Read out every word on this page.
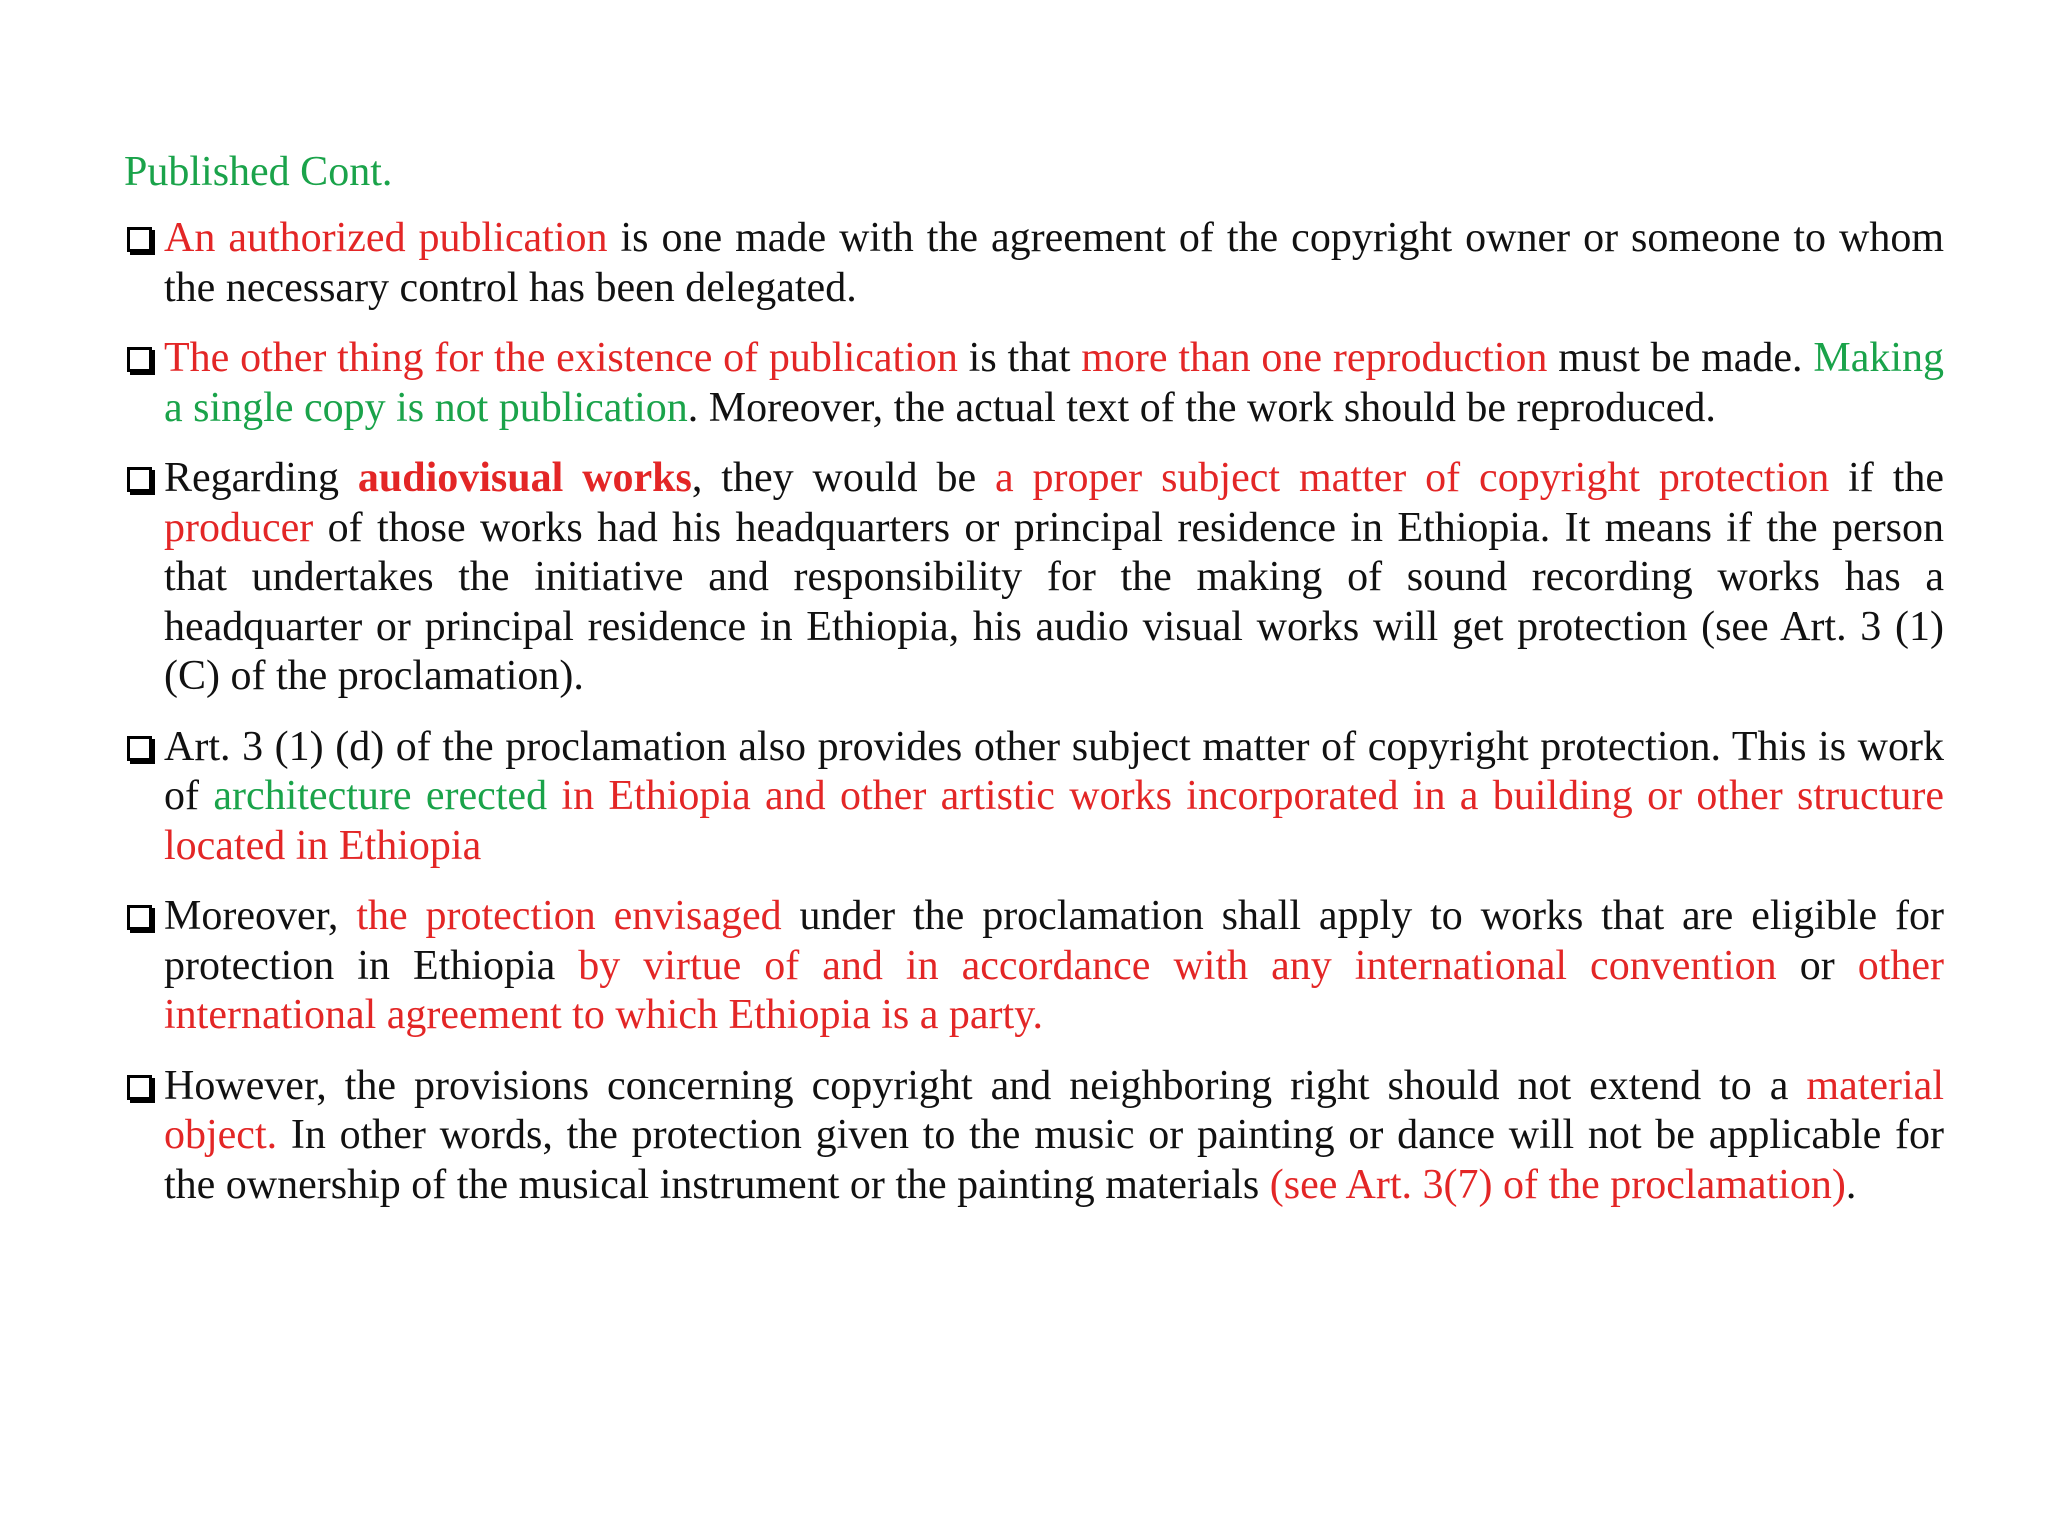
Published Cont.
An authorized publication is one made with the agreement of the copyright owner or someone to whom the necessary control has been delegated.
The other thing for the existence of publication is that more than one reproduction must be made. Making a single copy is not publication. Moreover, the actual text of the work should be reproduced.
Regarding audiovisual works, they would be a proper subject matter of copyright protection if the producer of those works had his headquarters or principal residence in Ethiopia. It means if the person that undertakes the initiative and responsibility for the making of sound recording works has a headquarter or principal residence in Ethiopia, his audio visual works will get protection (see Art. 3 (1) (C) of the proclamation).
Art. 3 (1) (d) of the proclamation also provides other subject matter of copyright protection. This is work of architecture erected in Ethiopia and other artistic works incorporated in a building or other structure located in Ethiopia
Moreover, the protection envisaged under the proclamation shall apply to works that are eligible for protection in Ethiopia by virtue of and in accordance with any international convention or other international agreement to which Ethiopia is a party.
However, the provisions concerning copyright and neighboring right should not extend to a material object. In other words, the protection given to the music or painting or dance will not be applicable for the ownership of the musical instrument or the painting materials (see Art. 3(7) of the proclamation).
